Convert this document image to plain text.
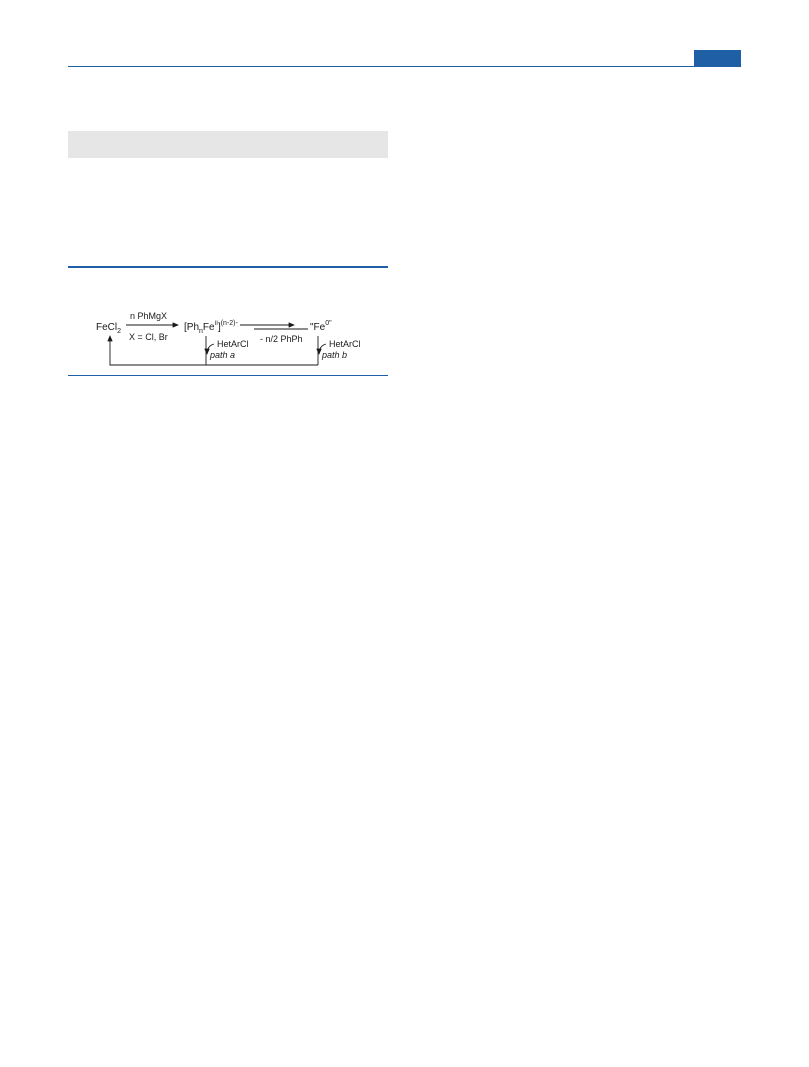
FeCl$_2$
n PhMgX
X = Cl, Br
$[Ph_nFe^{II}]^{(n-2)-}$
- n/2 PhPh
"$Fe^{0"}$
HetArCl
path a
HetArCl
path b
